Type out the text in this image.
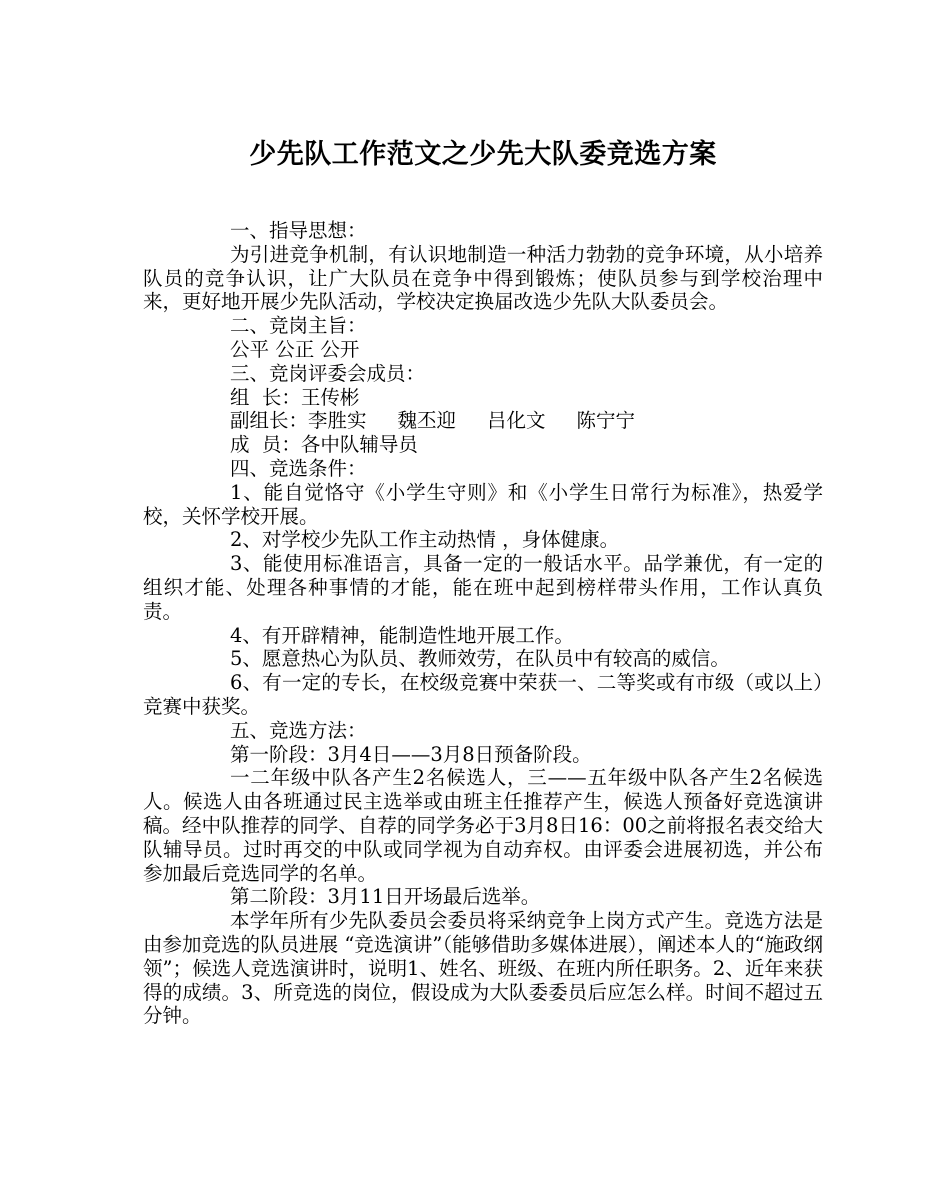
少先队工作范文之少先大队委竞选方案

一、指导思想：

为引进竞争机制，有认识地制造一种活力勃勃的竞争环境，从小培养队员的竞争认识，让广大队员在竞争中得到锻炼；使队员参与到学校治理中来，更好地开展少先队活动，学校决定换届改选少先队大队委员会。

二、竞岗主旨：

公平 公正 公开

三、竞岗评委会成员：

组  长：王传彬

副组长：李胜实     魏丕迎     吕化文     陈宁宁

成  员：各中队辅导员

四、竞选条件：

1、能自觉恪守《小学生守则》和《小学生日常行为标准》，热爱学校，关怀学校开展。

2、对学校少先队工作主动热情 ，身体健康。

3、能使用标准语言，具备一定的一般话水平。品学兼优，有一定的组织才能、处理各种事情的才能，能在班中起到榜样带头作用，工作认真负责。

4、有开辟精神，能制造性地开展工作。

5、愿意热心为队员、教师效劳，在队员中有较高的威信。

6、有一定的专长，在校级竞赛中荣获一、二等奖或有市级（或以上）竞赛中获奖。

五、竞选方法：

第一阶段：3月4日——3月8日预备阶段。

一二年级中队各产生2名候选人，三——五年级中队各产生2名候选人。候选人由各班通过民主选举或由班主任推荐产生，候选人预备好竞选演讲稿。经中队推荐的同学、自荐的同学务必于3月8日16：00之前将报名表交给大队辅导员。过时再交的中队或同学视为自动弃权。由评委会进展初选，并公布参加最后竞选同学的名单。

第二阶段：3月11日开场最后选举。

本学年所有少先队委员会委员将采纳竞争上岗方式产生。竞选方法是由参加竞选的队员进展 “竞选演讲”（能够借助多媒体进展），阐述本人的“施政纲领”；候选人竞选演讲时，说明1、姓名、班级、在班内所任职务。2、近年来获得的成绩。3、所竞选的岗位，假设成为大队委委员后应怎么样。时间不超过五分钟。
